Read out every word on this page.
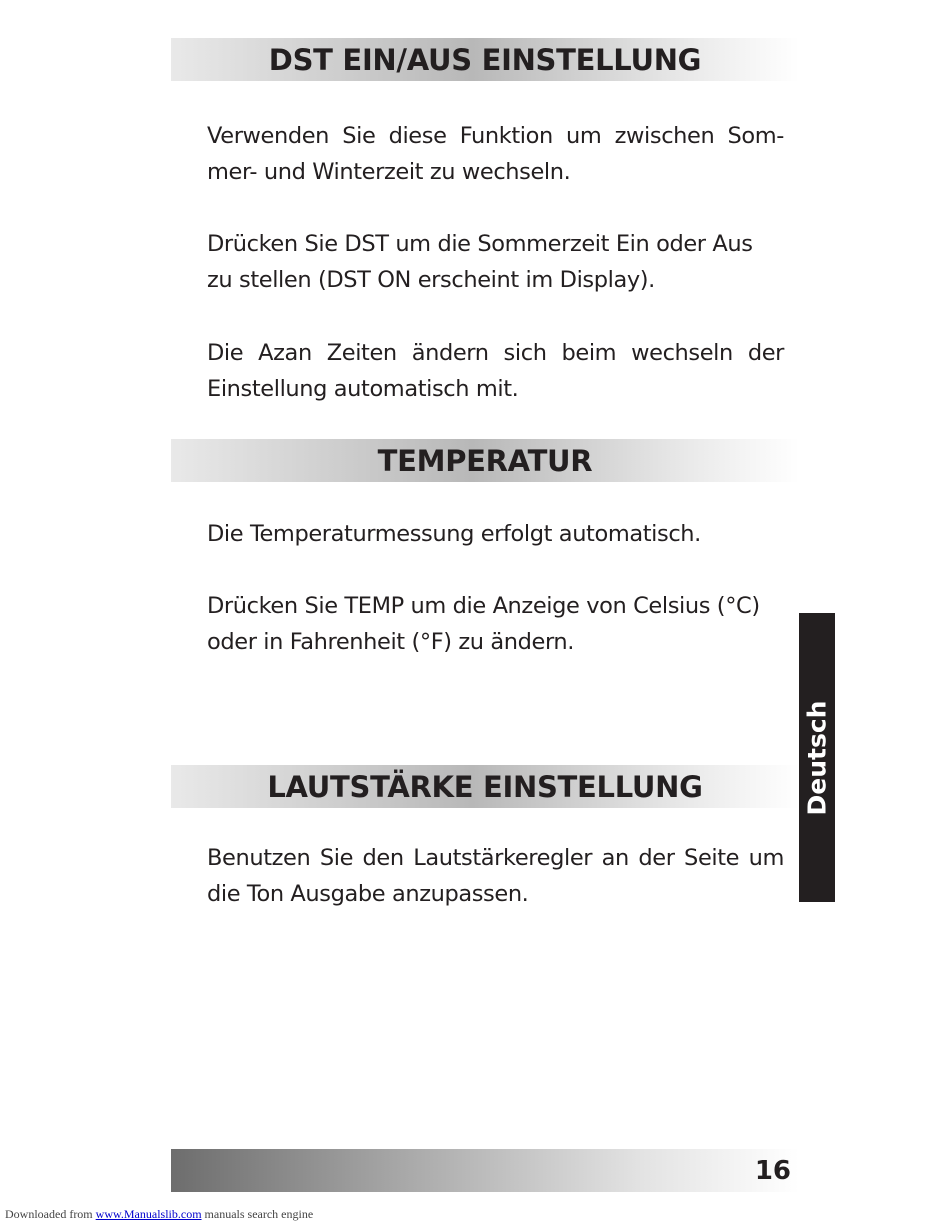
DST EIN/AUS EINSTELLUNG

Verwenden Sie diese Funktion um zwischen Som-mer- und Winterzeit zu wechseln.

Drücken Sie DST um die Sommerzeit Ein oder Aus zu stellen (DST ON erscheint im Display).

Die Azan Zeiten ändern sich beim wechseln der Einstellung automatisch mit.

TEMPERATUR

Die Temperaturmessung erfolgt automatisch.

Drücken Sie TEMP um die Anzeige von Celsius (°C) oder in Fahrenheit (°F) zu ändern.

LAUTSTÄRKE EINSTELLUNG

Benutzen Sie den Lautstärkeregler an der Seite um die Ton Ausgabe anzupassen.

Deutsch
16
Downloaded from www.Manualslib.com manuals search engine
